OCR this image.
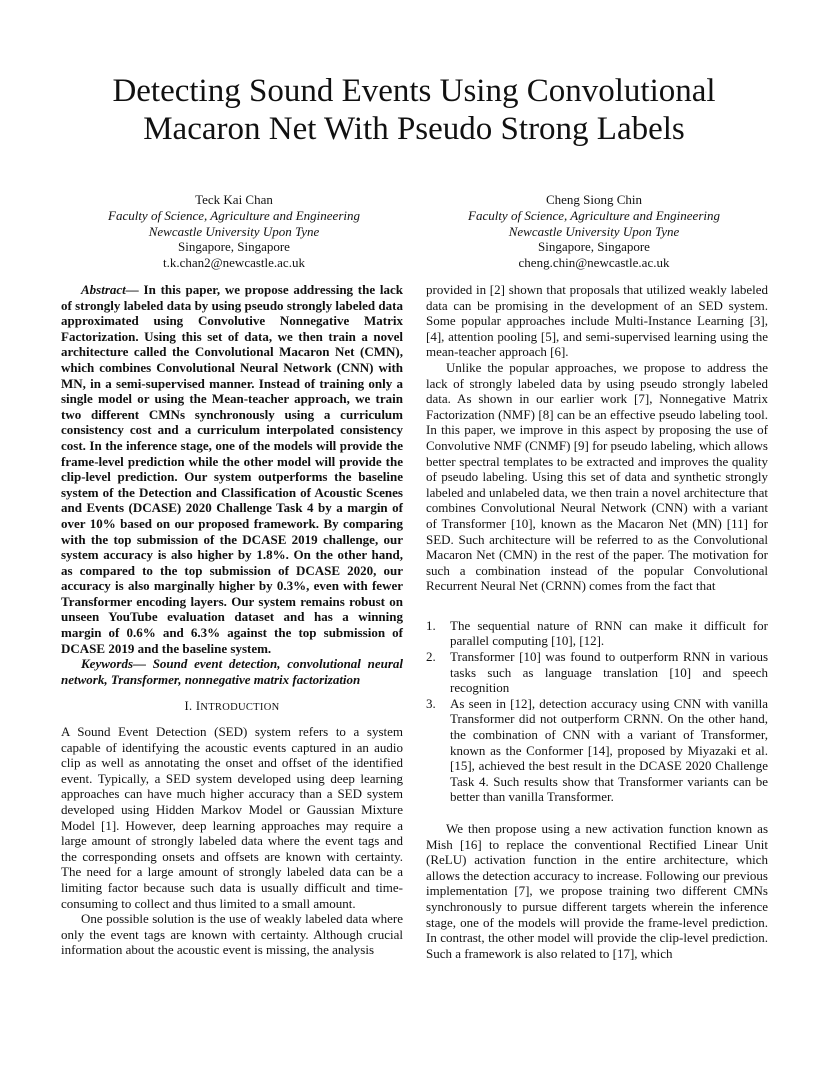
Detecting Sound Events Using Convolutional
Macaron Net With Pseudo Strong Labels
Teck Kai Chan
Faculty of Science, Agriculture and Engineering
Newcastle University Upon Tyne
Singapore, Singapore
t.k.chan2@newcastle.ac.uk
Cheng Siong Chin
Faculty of Science, Agriculture and Engineering
Newcastle University Upon Tyne
Singapore, Singapore
cheng.chin@newcastle.ac.uk

Abstract— In this paper, we propose addressing the lack of strongly labeled data by using pseudo strongly labeled data approximated using Convolutive Nonnegative Matrix Factorization. Using this set of data, we then train a novel architecture called the Convolutional Macaron Net (CMN), which combines Convolutional Neural Network (CNN) with MN, in a semi-supervised manner. Instead of training only a single model or using the Mean-teacher approach, we train two different CMNs synchronously using a curriculum consistency cost and a curriculum interpolated consistency cost. In the inference stage, one of the models will provide the frame-level prediction while the other model will provide the clip-level prediction. Our system outperforms the baseline system of the Detection and Classification of Acoustic Scenes and Events (DCASE) 2020 Challenge Task 4 by a margin of over 10% based on our proposed framework. By comparing with the top submission of the DCASE 2019 challenge, our system accuracy is also higher by 1.8%. On the other hand, as compared to the top submission of DCASE 2020, our accuracy is also marginally higher by 0.3%, even with fewer Transformer encoding layers. Our system remains robust on unseen YouTube evaluation dataset and has a winning margin of 0.6% and 6.3% against the top submission of DCASE 2019 and the baseline system.

Keywords— Sound event detection, convolutional neural network, Transformer, nonnegative matrix factorization

I. INTRODUCTION

A Sound Event Detection (SED) system refers to a system capable of identifying the acoustic events captured in an audio clip as well as annotating the onset and offset of the identified event. Typically, a SED system developed using deep learning approaches can have much higher accuracy than a SED system developed using Hidden Markov Model or Gaussian Mixture Model [1]. However, deep learning approaches may require a large amount of strongly labeled data where the event tags and the corresponding onsets and offsets are known with certainty. The need for a large amount of strongly labeled data can be a limiting factor because such data is usually difficult and time-consuming to collect and thus limited to a small amount.

One possible solution is the use of weakly labeled data where only the event tags are known with certainty. Although crucial information about the acoustic event is missing, the analysis

provided in [2] shown that proposals that utilized weakly labeled data can be promising in the development of an SED system. Some popular approaches include Multi-Instance Learning [3], [4], attention pooling [5], and semi-supervised learning using the mean-teacher approach [6].

Unlike the popular approaches, we propose to address the lack of strongly labeled data by using pseudo strongly labeled data. As shown in our earlier work [7], Nonnegative Matrix Factorization (NMF) [8] can be an effective pseudo labeling tool. In this paper, we improve in this aspect by proposing the use of Convolutive NMF (CNMF) [9] for pseudo labeling, which allows better spectral templates to be extracted and improves the quality of pseudo labeling. Using this set of data and synthetic strongly labeled and unlabeled data, we then train a novel architecture that combines Convolutional Neural Network (CNN) with a variant of Transformer [10], known as the Macaron Net (MN) [11] for SED. Such architecture will be referred to as the Convolutional Macaron Net (CMN) in the rest of the paper. The motivation for such a combination instead of the popular Convolutional Recurrent Neural Net (CRNN) comes from the fact that

1. The sequential nature of RNN can make it difficult for parallel computing [10], [12].
2. Transformer [10] was found to outperform RNN in various tasks such as language translation [10] and speech recognition
3. As seen in [12], detection accuracy using CNN with vanilla Transformer did not outperform CRNN. On the other hand, the combination of CNN with a variant of Transformer, known as the Conformer [14], proposed by Miyazaki et al. [15], achieved the best result in the DCASE 2020 Challenge Task 4. Such results show that Transformer variants can be better than vanilla Transformer.

We then propose using a new activation function known as Mish [16] to replace the conventional Rectified Linear Unit (ReLU) activation function in the entire architecture, which allows the detection accuracy to increase. Following our previous implementation [7], we propose training two different CMNs synchronously to pursue different targets wherein the inference stage, one of the models will provide the frame-level prediction. In contrast, the other model will provide the clip-level prediction. Such a framework is also related to [17], which
